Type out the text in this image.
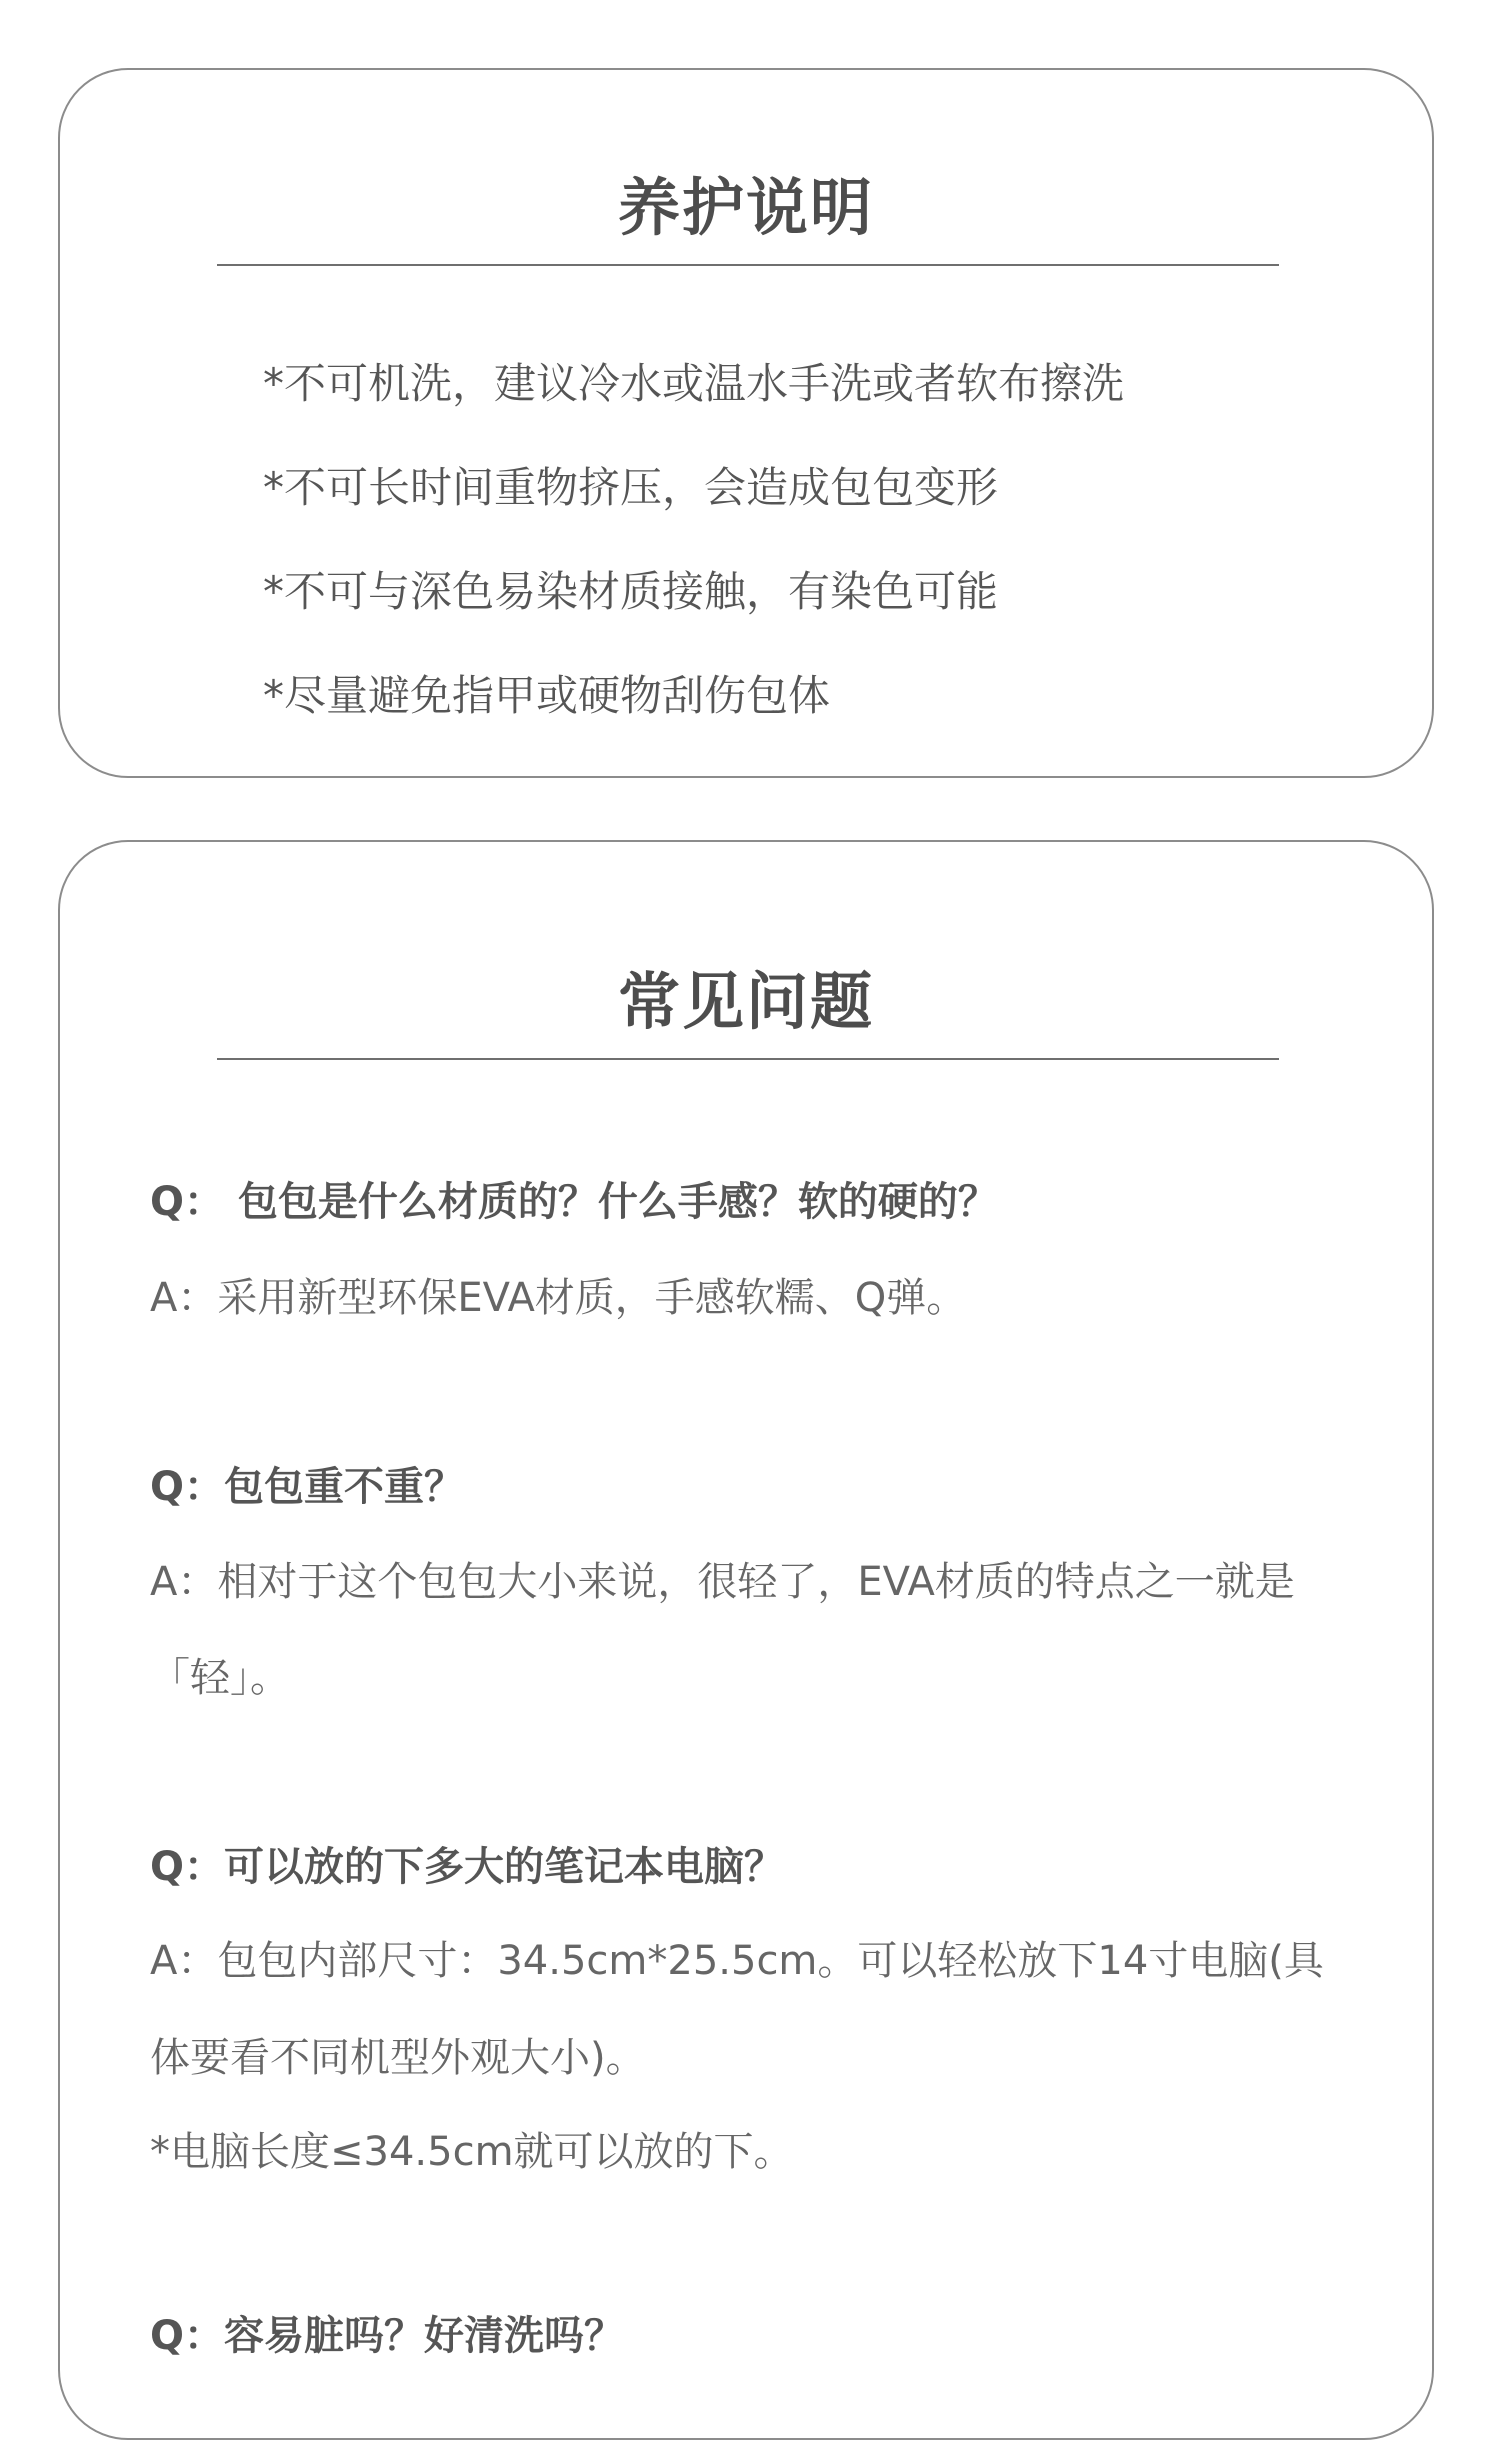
养护说明
*不可机洗，建议冷水或温水手洗或者软布擦洗
*不可长时间重物挤压，会造成包包变形
*不可与深色易染材质接触，有染色可能
*尽量避免指甲或硬物刮伤包体
常见问题
Q： 包包是什么材质的？什么手感？软的硬的？
A：采用新型环保EVA材质，手感软糯、Q弹。
Q：包包重不重？
A：相对于这个包包大小来说，很轻了，EVA材质的特点之一就是
「轻」。
Q：可以放的下多大的笔记本电脑？
A：包包内部尺寸：34.5cm*25.5cm。可以轻松放下14寸电脑(具
体要看不同机型外观大小)。
*电脑长度≤34.5cm就可以放的下。
Q：容易脏吗？好清洗吗？
